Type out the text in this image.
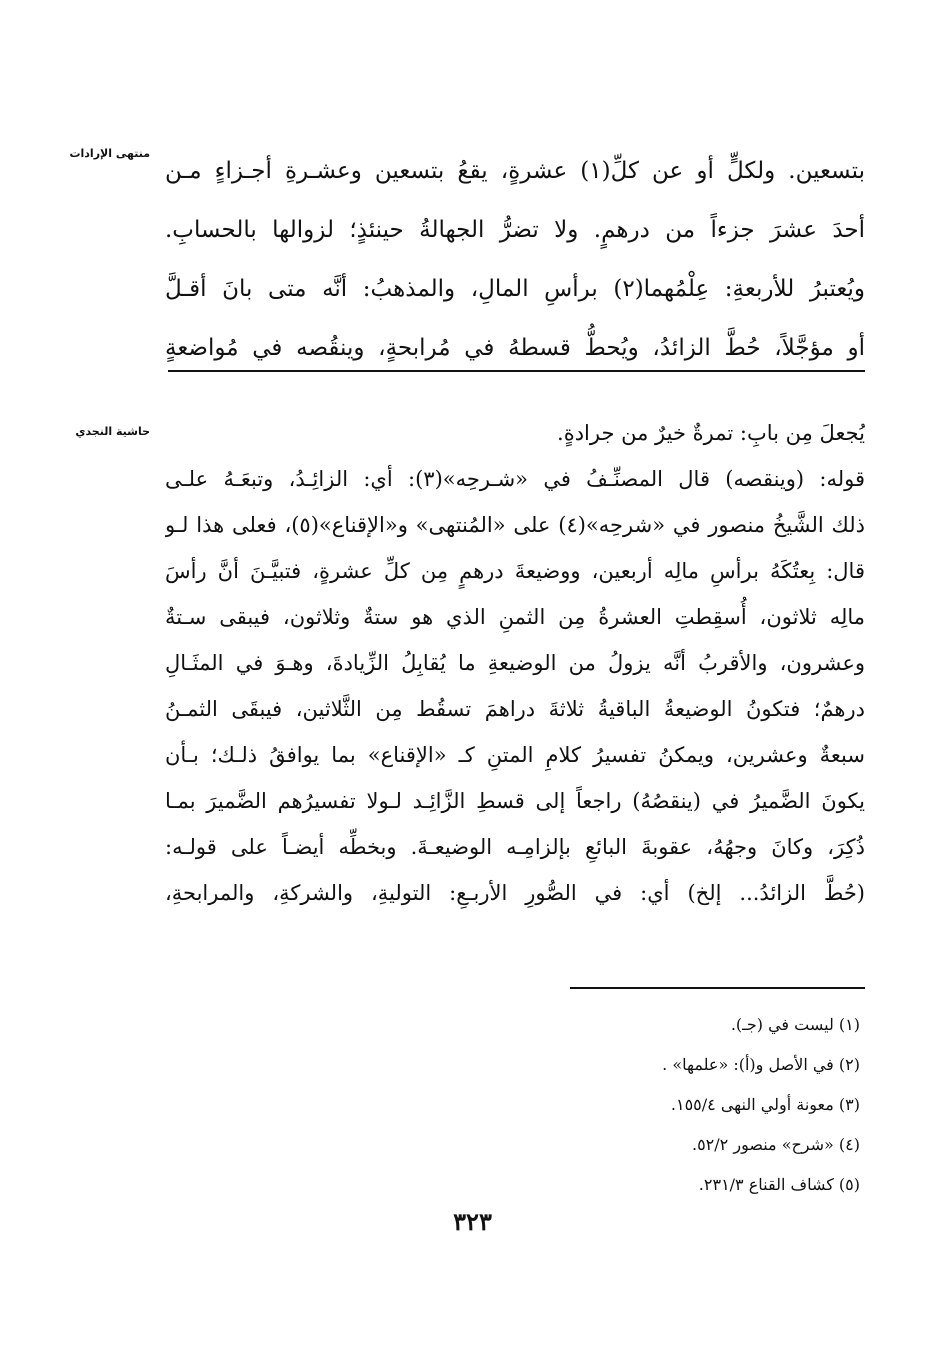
منتهى الإرادات
حاشية النجدي
بتسعين. ولكلٍّ أو عن كلِّ(١) عشرةٍ، يقعُ بتسعين وعشـرةِ أجـزاءٍ مـن
أحدَ عشرَ جزءاً من درهمٍ. ولا تضرُّ الجهالةُ حينئذٍ؛ لزوالها بالحسابِ.
ويُعتبرُ للأربعةِ: عِلْمُهما(٢) برأسِ المالِ، والمذهبُ: أنَّه متى بانَ أقـلَّ
أو مؤجَّلاً، حُطَّ الزائدُ، ويُحطُّ قسطهُ في مُرابحةٍ، وينقُصه في مُواضعةٍ
يُجعلَ مِن بابِ: تمرةٌ خيرٌ من جرادةٍ.
قوله: (وينقصه) قال المصنِّـفُ في «شـرحِه»(٣): أي: الزائِـدُ، وتبعَـهُ علـى
ذلك الشَّيخُ منصور في «شرحِه»(٤) على «المُنتهى» و«الإقناع»(٥)، فعلى هذا لـو
قال: بِعتُكَهُ برأسِ مالِه أربعين، ووضيعةَ درهمٍ مِن كلِّ عشرةٍ، فتبيَّـنَ أنَّ رأسَ
مالِه ثلاثون، أُسقِطتِ العشرةُ مِن الثمنِ الذي هو ستةٌ وثلاثون، فيبقى سـتةٌ
وعشرون، والأقربُ أنَّه يزولُ من الوضيعةِ ما يُقابِلُ الزِّيادةَ، وهـوَ في المثَـالِ
درهمٌ؛ فتكونُ الوضيعةُ الباقيةُ ثلاثةَ دراهمَ تسقُط مِن الثَّلاثين، فيبقَى الثمـنُ
سبعةٌ وعشرين، ويمكنُ تفسيرُ كلامِ المتنِ كـ «الإقناع» بما يوافقُ ذلـك؛ بـأن
يكونَ الضَّميرُ في (ينقصُهُ) راجعاً إلى قسطِ الزَّائِـد لـولا تفسيرُهم الضَّميرَ بمـا
ذُكِرَ، وكانَ وجهُهُ، عقوبةَ البائعِ بإلزامِـه الوضيعـةَ. وبخطِّه أيضـاً على قولـه:
(حُطَّ الزائدُ... إلخ) أي: في الصُّورِ الأربـعِ: التوليةِ، والشركةِ، والمرابحةِ،
(١) ليست في (جـ).
(٢) في الأصل و(أ): «علمها» .
(٣) معونة أولي النهى ١٥٥/٤.
(٤) «شرح» منصور ٥٢/٢.
(٥) كشاف القناع ٢٣١/٣.
٣٢٣
